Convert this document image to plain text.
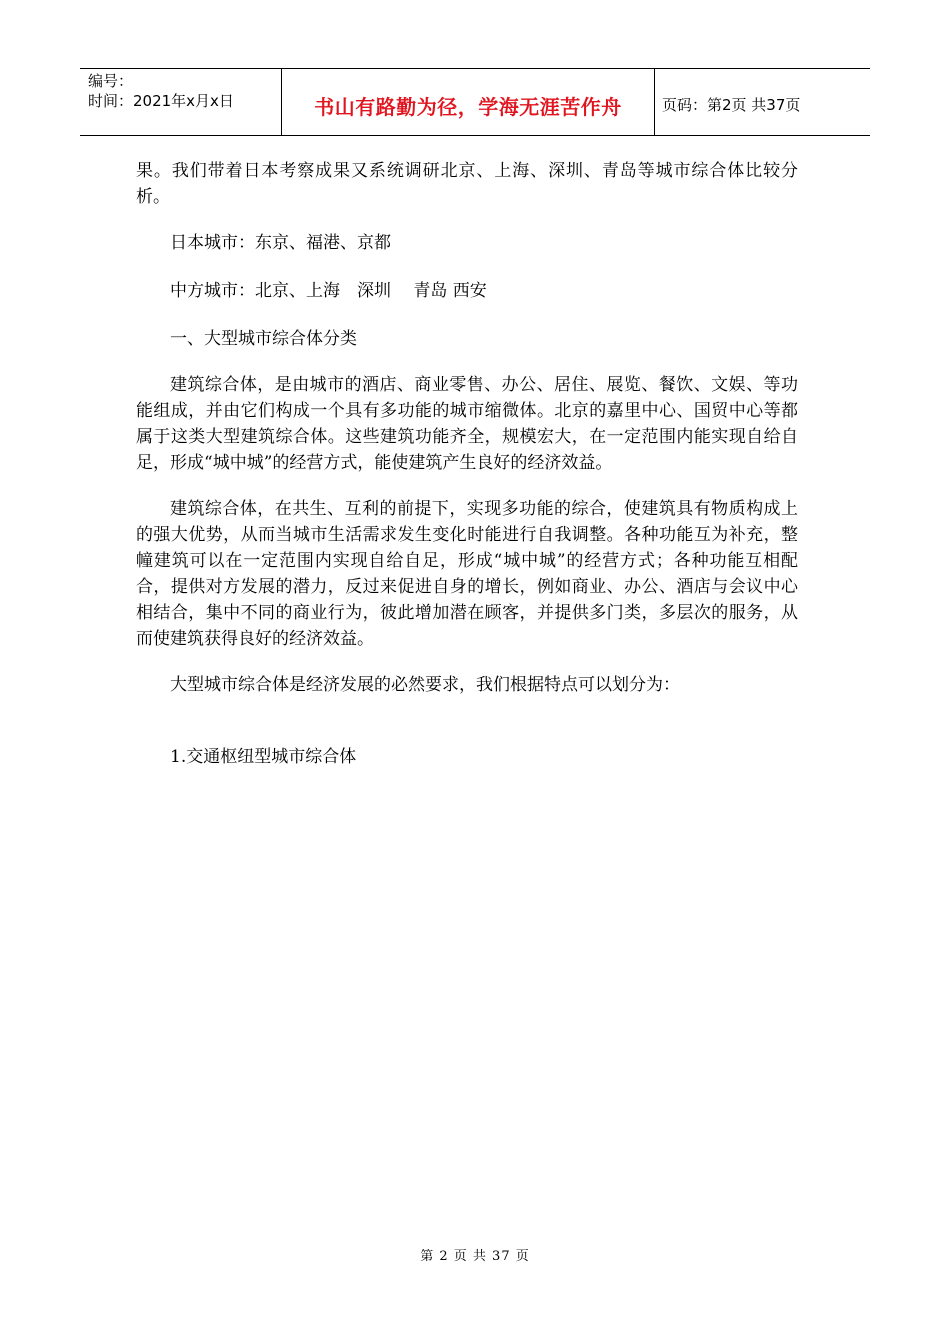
编号：
时间：2021年x月x日	书山有路勤为径，学海无涯苦作舟	页码：第2页 共37页

果。我们带着日本考察成果又系统调研北京、上海、深圳、青岛等城市综合体比较分析。

日本城市：东京、福港、京都

中方城市：北京、上海　深圳　 青岛 西安

一、大型城市综合体分类

建筑综合体，是由城市的酒店、商业零售、办公、居住、展览、餐饮、文娱、等功能组成，并由它们构成一个具有多功能的城市缩微体。北京的嘉里中心、国贸中心等都属于这类大型建筑综合体。这些建筑功能齐全，规模宏大，在一定范围内能实现自给自足，形成“城中城”的经营方式，能使建筑产生良好的经济效益。

建筑综合体，在共生、互利的前提下，实现多功能的综合，使建筑具有物质构成上的强大优势，从而当城市生活需求发生变化时能进行自我调整。各种功能互为补充，整幢建筑可以在一定范围内实现自给自足，形成“城中城”的经营方式；各种功能互相配合，提供对方发展的潜力，反过来促进自身的增长，例如商业、办公、酒店与会议中心相结合，集中不同的商业行为，彼此增加潜在顾客，并提供多门类，多层次的服务，从而使建筑获得良好的经济效益。

大型城市综合体是经济发展的必然要求，我们根据特点可以划分为：

1.交通枢纽型城市综合体

第 2 页 共 37 页
